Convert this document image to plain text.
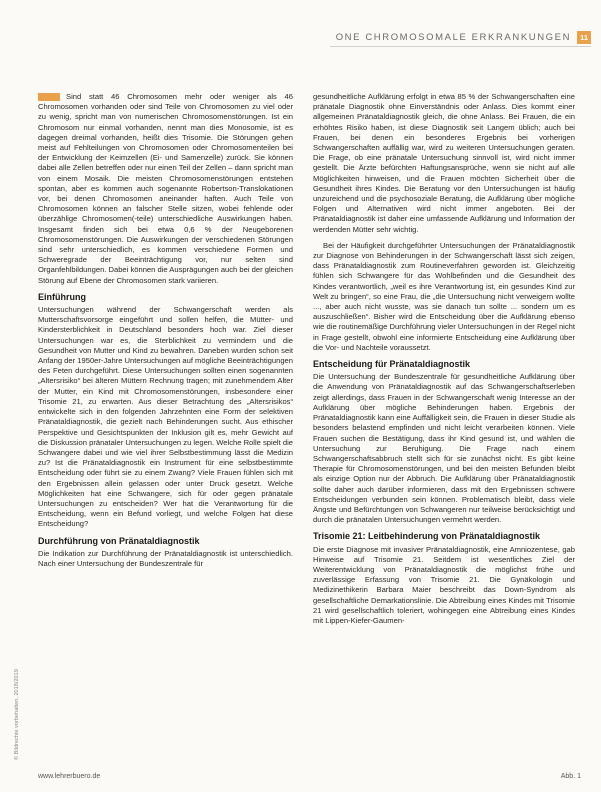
ONE CHROMOSOMALE ERKRANKUNGEN	11

Sind statt 46 Chromosomen mehr oder weniger als 46 Chromosomen vorhanden oder sind Teile von Chromosomen zu viel oder zu wenig, spricht man von numerischen Chromosomenstörungen. Ist ein Chromosom nur einmal vorhanden, nennt man dies Monosomie, ist es dagegen dreimal vorhanden, heißt dies Trisomie. Die Störungen gehen meist auf Fehlteilungen von Chromosomen oder Chromosomenteilen bei der Entwicklung der Keimzellen (Ei- und Samenzelle) zurück. Sie können dabei alle Zellen betreffen oder nur einen Teil der Zellen – dann spricht man von einem Mosaik. Die meisten Chromosomenstörungen entstehen spontan, aber es kommen auch sogenannte Robertson-Translokationen vor, bei denen Chromosomen aneinander haften. Auch Teile von Chromosomen können an falscher Stelle sitzen, wobei fehlende oder überzählige Chromosomen(-teile) unterschiedliche Auswirkungen haben. Insgesamt finden sich bei etwa 0,6 % der Neugeborenen Chromosomenstörungen. Die Auswirkungen der verschiedenen Störungen sind sehr unterschiedlich, es kommen verschiedene Formen und Schweregrade der Beeinträchtigung vor, nur selten sind Organfehlbildungen. Dabei können die Ausprägungen auch bei der gleichen Störung auf Ebene der Chromosomen stark variieren.

Einführung

Untersuchungen während der Schwangerschaft werden als Mutterschaftsvorsorge eingeführt und sollen helfen, die Mütter- und Kindersterblichkeit in Deutschland besonders hoch war. Ziel dieser Untersuchungen war es, die Sterblichkeit zu vermindern und die Gesundheit von Mutter und Kind zu bewahren. Daneben wurden schon seit Anfang der 1950er-Jahre Untersuchungen auf mögliche Beeinträchtigungen des Feten durchgeführt. Diese Untersuchungen sollten einen sogenannten „Altersrisiko“ bei älteren Müttern Rechnung tragen; mit zunehmendem Alter der Mutter, ein Kind mit Chromosomenstörungen, insbesondere einer Trisomie 21, zu erwarten. Aus dieser Betrachtung des „Altersrisikos“ entwickelte sich in den folgenden Jahrzehnten eine Form der selektiven Pränataldiagnostik, die gezielt nach Behinderungen sucht. Aus ethischer Perspektive und Gesichtspunkten der Inklusion gilt es, mehr Gewicht auf die Diskussion pränataler Untersuchungen zu legen. Welche Rolle spielt die Schwangere dabei und wie viel ihrer Selbstbestimmung lässt die Medizin zu? Ist die Pränataldiagnostik ein Instrument für eine selbstbestimmte Entscheidung oder führt sie zu einem Zwang? Viele Frauen fühlen sich mit den Ergebnissen allein gelassen oder unter Druck gesetzt. Welche Möglichkeiten hat eine Schwangere, sich für oder gegen pränatale Untersuchungen zu entscheiden? Wer hat die Verantwortung für die Entscheidung, wenn ein Befund vorliegt, und welche Folgen hat diese Entscheidung?

Durchführung von Pränataldiagnostik

Die Indikation zur Durchführung der Pränataldiagnostik ist unterschiedlich. Nach einer Untersuchung der Bundeszentrale für

gesundheitliche Aufklärung erfolgt in etwa 85 % der Schwangerschaften eine pränatale Diagnostik ohne Einverständnis oder Anlass. Dies kommt einer allgemeinen Pränataldiagnostik gleich, die ohne Anlass. Bei Frauen, die ein erhöhtes Risiko haben, ist diese Diagnostik seit Langem üblich; auch bei Frauen, bei denen ein besonderes Ergebnis bei vorherigen Schwangerschaften auffällig war, wird zu weiteren Untersuchungen geraten. Die Frage, ob eine pränatale Untersuchung sinnvoll ist, wird nicht immer gestellt. Die Ärzte befürchten Haftungsansprüche, wenn sie nicht auf alle Möglichkeiten hinweisen, und die Frauen möchten Sicherheit über die Gesundheit ihres Kindes. Die Beratung vor den Untersuchungen ist häufig unzureichend und die psychosoziale Beratung, die Aufklärung über mögliche Folgen und Alternativen wird nicht immer angeboten. Bei der Pränataldiagnostik ist daher eine umfassende Aufklärung und Information der werdenden Mütter sehr wichtig.

Bei der Häufigkeit durchgeführter Untersuchungen der Pränataldiagnostik zur Diagnose von Behinderungen in der Schwangerschaft lässt sich zeigen, dass Pränataldiagnostik zum Routineverfahren geworden ist. Gleichzeitig fühlen sich Schwangere für das Wohlbefinden und die Gesundheit des Kindes verantwortlich, „weil es ihre Verantwortung ist, ein gesundes Kind zur Welt zu bringen“, so eine Frau, die „die Untersuchung nicht verweigern wollte ..., aber auch nicht wusste, was sie danach tun sollte ... sondern um es auszuschließen“. Bisher wird die Entscheidung über die Aufklärung ebenso wie die routinemäßige Durchführung vieler Untersuchungen in der Regel nicht in Frage gestellt, obwohl eine informierte Entscheidung eine Aufklärung über die Vor- und Nachteile voraussetzt.

Entscheidung für Pränataldiagnostik

Die Untersuchung der Bundeszentrale für gesundheitliche Aufklärung über die Anwendung von Pränataldiagnostik auf das Schwangerschaftserleben zeigt allerdings, dass Frauen in der Schwangerschaft wenig Interesse an der Aufklärung über mögliche Behinderungen haben. Ergebnis der Pränataldiagnostik kann eine Auffälligkeit sein, die Frauen in dieser Studie als besonders belastend empfinden und nicht leicht verarbeiten können. Viele Frauen suchen die Bestätigung, dass ihr Kind gesund ist, und wählen die Untersuchung zur Beruhigung. Die Frage nach einem Schwangerschaftsabbruch stellt sich für sie zunächst nicht. Es gibt keine Therapie für Chromosomenstörungen, und bei den meisten Befunden bleibt als einzige Option nur der Abbruch. Die Aufklärung über Pränataldiagnostik sollte daher auch darüber informieren, dass mit den Ergebnissen schwere Entscheidungen verbunden sein können. Problematisch bleibt, dass viele Ängste und Befürchtungen von Schwangeren nur teilweise berücksichtigt und durch die pränatalen Untersuchungen vermehrt werden.

Trisomie 21: Leitbehinderung von Pränataldiagnostik

Die erste Diagnose mit invasiver Pränataldiagnostik, eine Amniozentese, gab Hinweise auf Trisomie 21. Seitdem ist wesentliches Ziel der Weiterentwicklung von Pränataldiagnostik die möglichst frühe und zuverlässige Erfassung von Trisomie 21. Die Gynäkologin und Medizinethikerin Barbara Maier beschreibt das Down-Syndrom als gesellschaftliche Demarkationslinie. Die Abtreibung eines Kindes mit Trisomie 21 wird gesellschaftlich toleriert, wohingegen eine Abtreibung eines Kindes mit Lippen-Kiefer-Gaumen-

© Bildrechte vorbehalten, 2018/2019
www.lehrerbuero.de	Abb. 1
